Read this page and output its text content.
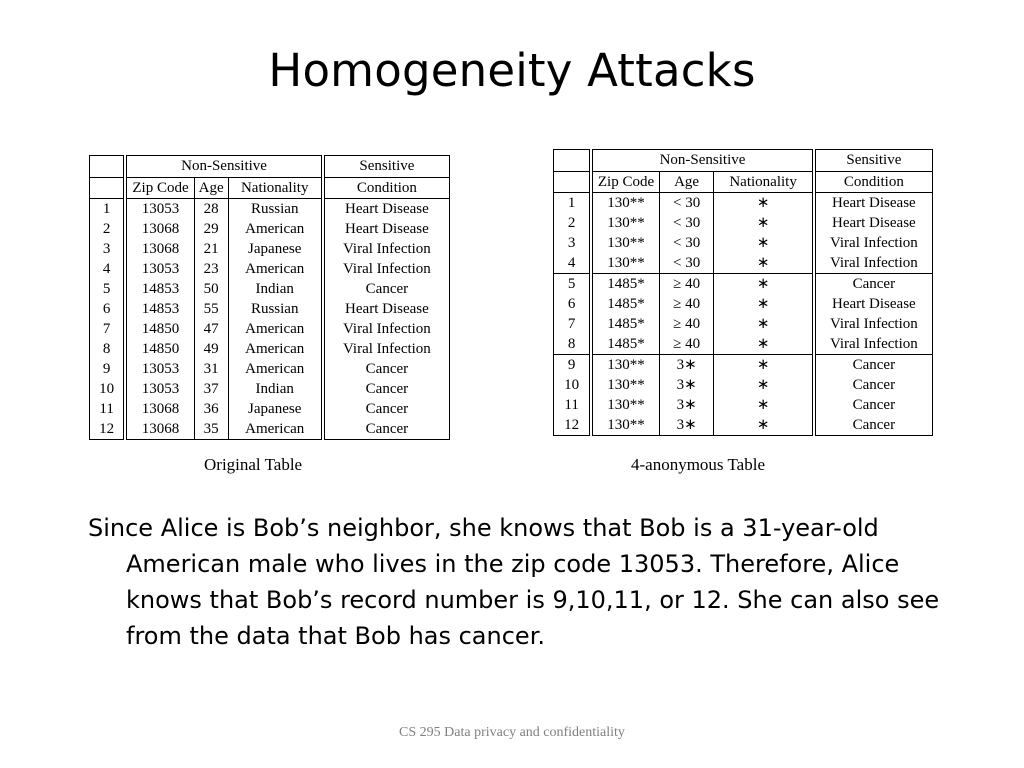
Homogeneity Attacks
	Non-Sensitive			Sensitive
	Zip Code	Age	Nationality	Condition
1	13053	28	Russian	Heart Disease
2	13068	29	American	Heart Disease
3	13068	21	Japanese	Viral Infection
4	13053	23	American	Viral Infection
5	14853	50	Indian	Cancer
6	14853	55	Russian	Heart Disease
7	14850	47	American	Viral Infection
8	14850	49	American	Viral Infection
9	13053	31	American	Cancer
10	13053	37	Indian	Cancer
11	13068	36	Japanese	Cancer
12	13068	35	American	Cancer
	Non-Sensitive			Sensitive
	Zip Code	Age	Nationality	Condition
1	130**	< 30	∗	Heart Disease
2	130**	< 30	∗	Heart Disease
3	130**	< 30	∗	Viral Infection
4	130**	< 30	∗	Viral Infection
5	1485*	≥ 40	∗	Cancer
6	1485*	≥ 40	∗	Heart Disease
7	1485*	≥ 40	∗	Viral Infection
8	1485*	≥ 40	∗	Viral Infection
9	130**	3∗	∗	Cancer
10	130**	3∗	∗	Cancer
11	130**	3∗	∗	Cancer
12	130**	3∗	∗	Cancer
Original Table	4-anonymous Table

Since Alice is Bob’s neighbor, she knows that Bob is a 31-year-old American male who lives in the zip code 13053. Therefore, Alice knows that Bob’s record number is 9,10,11, or 12. She can also see from the data that Bob has cancer.

CS 295 Data privacy and confidentiality
